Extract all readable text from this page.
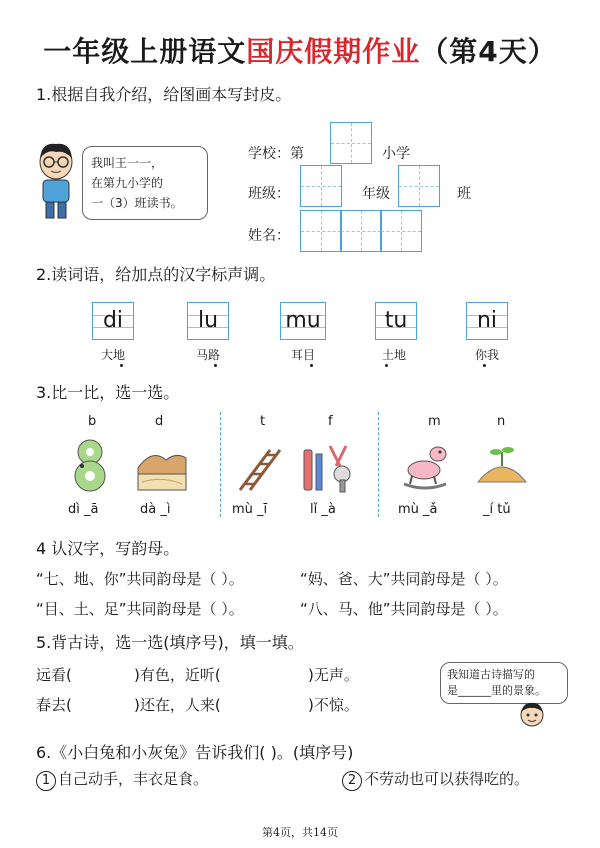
一年级上册语文国庆假期作业（第4天）
1.根据自我介绍，给图画本写封皮。
我叫王一一，
在第九小学的
一（3）班读书。
学校：第	小学
班级：	年级	班
姓名：
2.读词语，给加点的汉字标声调。
di
大地
lu
马路
mu
耳目
tu
土地
ni
你我
3.比一比，选一选。
b	d	t	f	m	n
dì _ā	dà _ì	mù _ī	lǐ _à	mù _ǎ	_í tǔ
4 认汉字，写韵母。
“七、地、你”共同韵母是（ ）。	“妈、爸、大”共同韵母是（ ）。
“目、土、足”共同韵母是（ ）。	“八、马、他”共同韵母是（ ）。
5.背古诗，选一选(填序号)，填一填。
远看(	)有色，近听(	)无声。
春去(	)还在，人来(	)不惊。
我知道古诗描写的
是______里的景象。
6.《小白兔和小灰兔》告诉我们( )。(填序号)
1 自己动手，丰衣足食。	2 不劳动也可以获得吃的。
第4页，共14页
